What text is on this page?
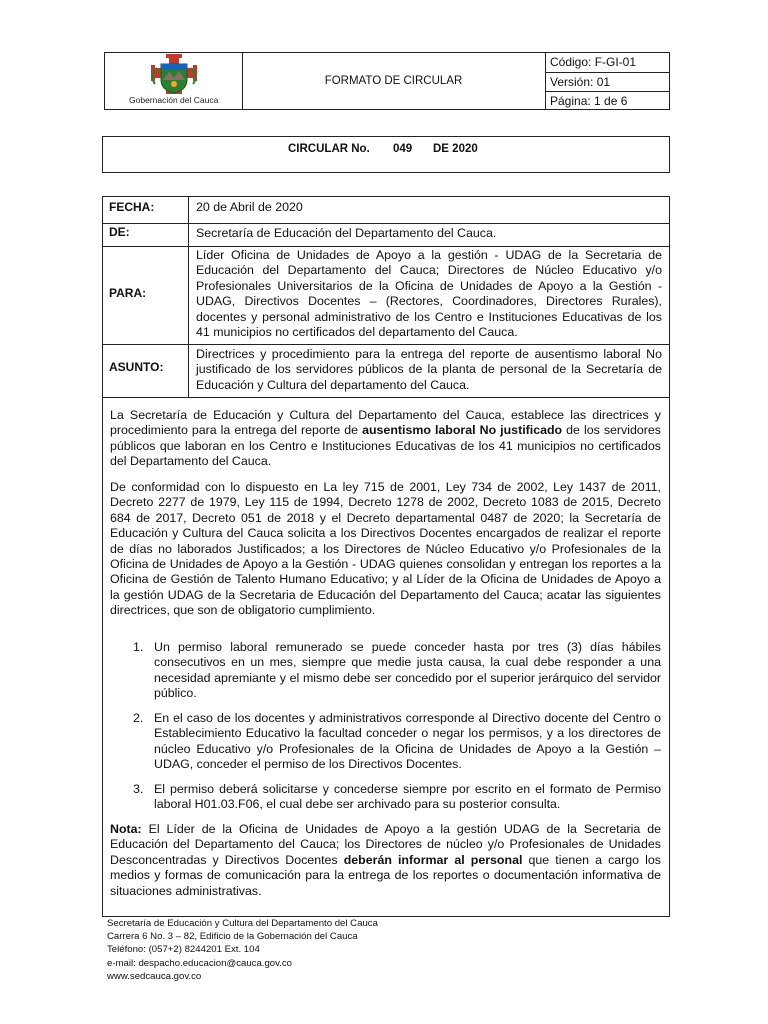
Gobernación del Cauca
FORMATO DE CIRCULAR
Código: F-GI-01
Versión: 01
Página: 1 de 6
CIRCULAR No. 049 DE 2020
FECHA:	20 de Abril de 2020
DE:	Secretaría de Educación del Departamento del Cauca.
PARA:
Líder Oficina de Unidades de Apoyo a la gestión - UDAG de la Secretaria de Educación del Departamento del Cauca; Directores de Núcleo Educativo y/o Profesionales Universitarios de la Oficina de Unidades de Apoyo a la Gestión - UDAG, Directivos Docentes – (Rectores, Coordinadores, Directores Rurales), docentes y personal administrativo de los Centro e Instituciones Educativas de los 41 municipios no certificados del departamento del Cauca.
ASUNTO:
Directrices y procedimiento para la entrega del reporte de ausentismo laboral No justificado de los servidores públicos de la planta de personal de la Secretaría de Educación y Cultura del departamento del Cauca.
La Secretaría de Educación y Cultura del Departamento del Cauca, establece las directrices y procedimiento para la entrega del reporte de ausentismo laboral No justificado de los servidores públicos que laboran en los Centro e Instituciones Educativas de los 41 municipios no certificados del Departamento del Cauca.
De conformidad con lo dispuesto en La ley 715 de 2001, Ley 734 de 2002, Ley 1437 de 2011, Decreto 2277 de 1979, Ley 115 de 1994, Decreto 1278 de 2002, Decreto 1083 de 2015, Decreto 684 de 2017, Decreto 051 de 2018 y el Decreto departamental 0487 de 2020; la Secretaría de Educación y Cultura del Cauca solicita a los Directivos Docentes encargados de realizar el reporte de días no laborados Justificados; a los Directores de Núcleo Educativo y/o Profesionales de la Oficina de Unidades de Apoyo a la Gestión - UDAG quienes consolidan y entregan los reportes a la Oficina de Gestión de Talento Humano Educativo; y al Líder de la Oficina de Unidades de Apoyo a la gestión UDAG de la Secretaria de Educación del Departamento del Cauca; acatar las siguientes directrices, que son de obligatorio cumplimiento.
1. Un permiso laboral remunerado se puede conceder hasta por tres (3) días hábiles consecutivos en un mes, siempre que medie justa causa, la cual debe responder a una necesidad apremiante y el mismo debe ser concedido por el superior jerárquico del servidor público.
2. En el caso de los docentes y administrativos corresponde al Directivo docente del Centro o Establecimiento Educativo la facultad conceder o negar los permisos, y a los directores de núcleo Educativo y/o Profesionales de la Oficina de Unidades de Apoyo a la Gestión – UDAG, conceder el permiso de los Directivos Docentes.
3. El permiso deberá solicitarse y concederse siempre por escrito en el formato de Permiso laboral H01.03.F06, el cual debe ser archivado para su posterior consulta.
Nota: El Líder de la Oficina de Unidades de Apoyo a la gestión UDAG de la Secretaria de Educación del Departamento del Cauca; los Directores de núcleo y/o Profesionales de Unidades Desconcentradas y Directivos Docentes deberán informar al personal que tienen a cargo los medios y formas de comunicación para la entrega de los reportes o documentación informativa de situaciones administrativas.
Secretaría de Educación y Cultura del Departamento del Cauca
Carrera 6 No. 3 – 82, Edificio de la Gobernación del Cauca
Teléfono: (057+2) 8244201 Ext. 104
e-mail: despacho.educacion@cauca.gov.co
www.sedcauca.gov.co
